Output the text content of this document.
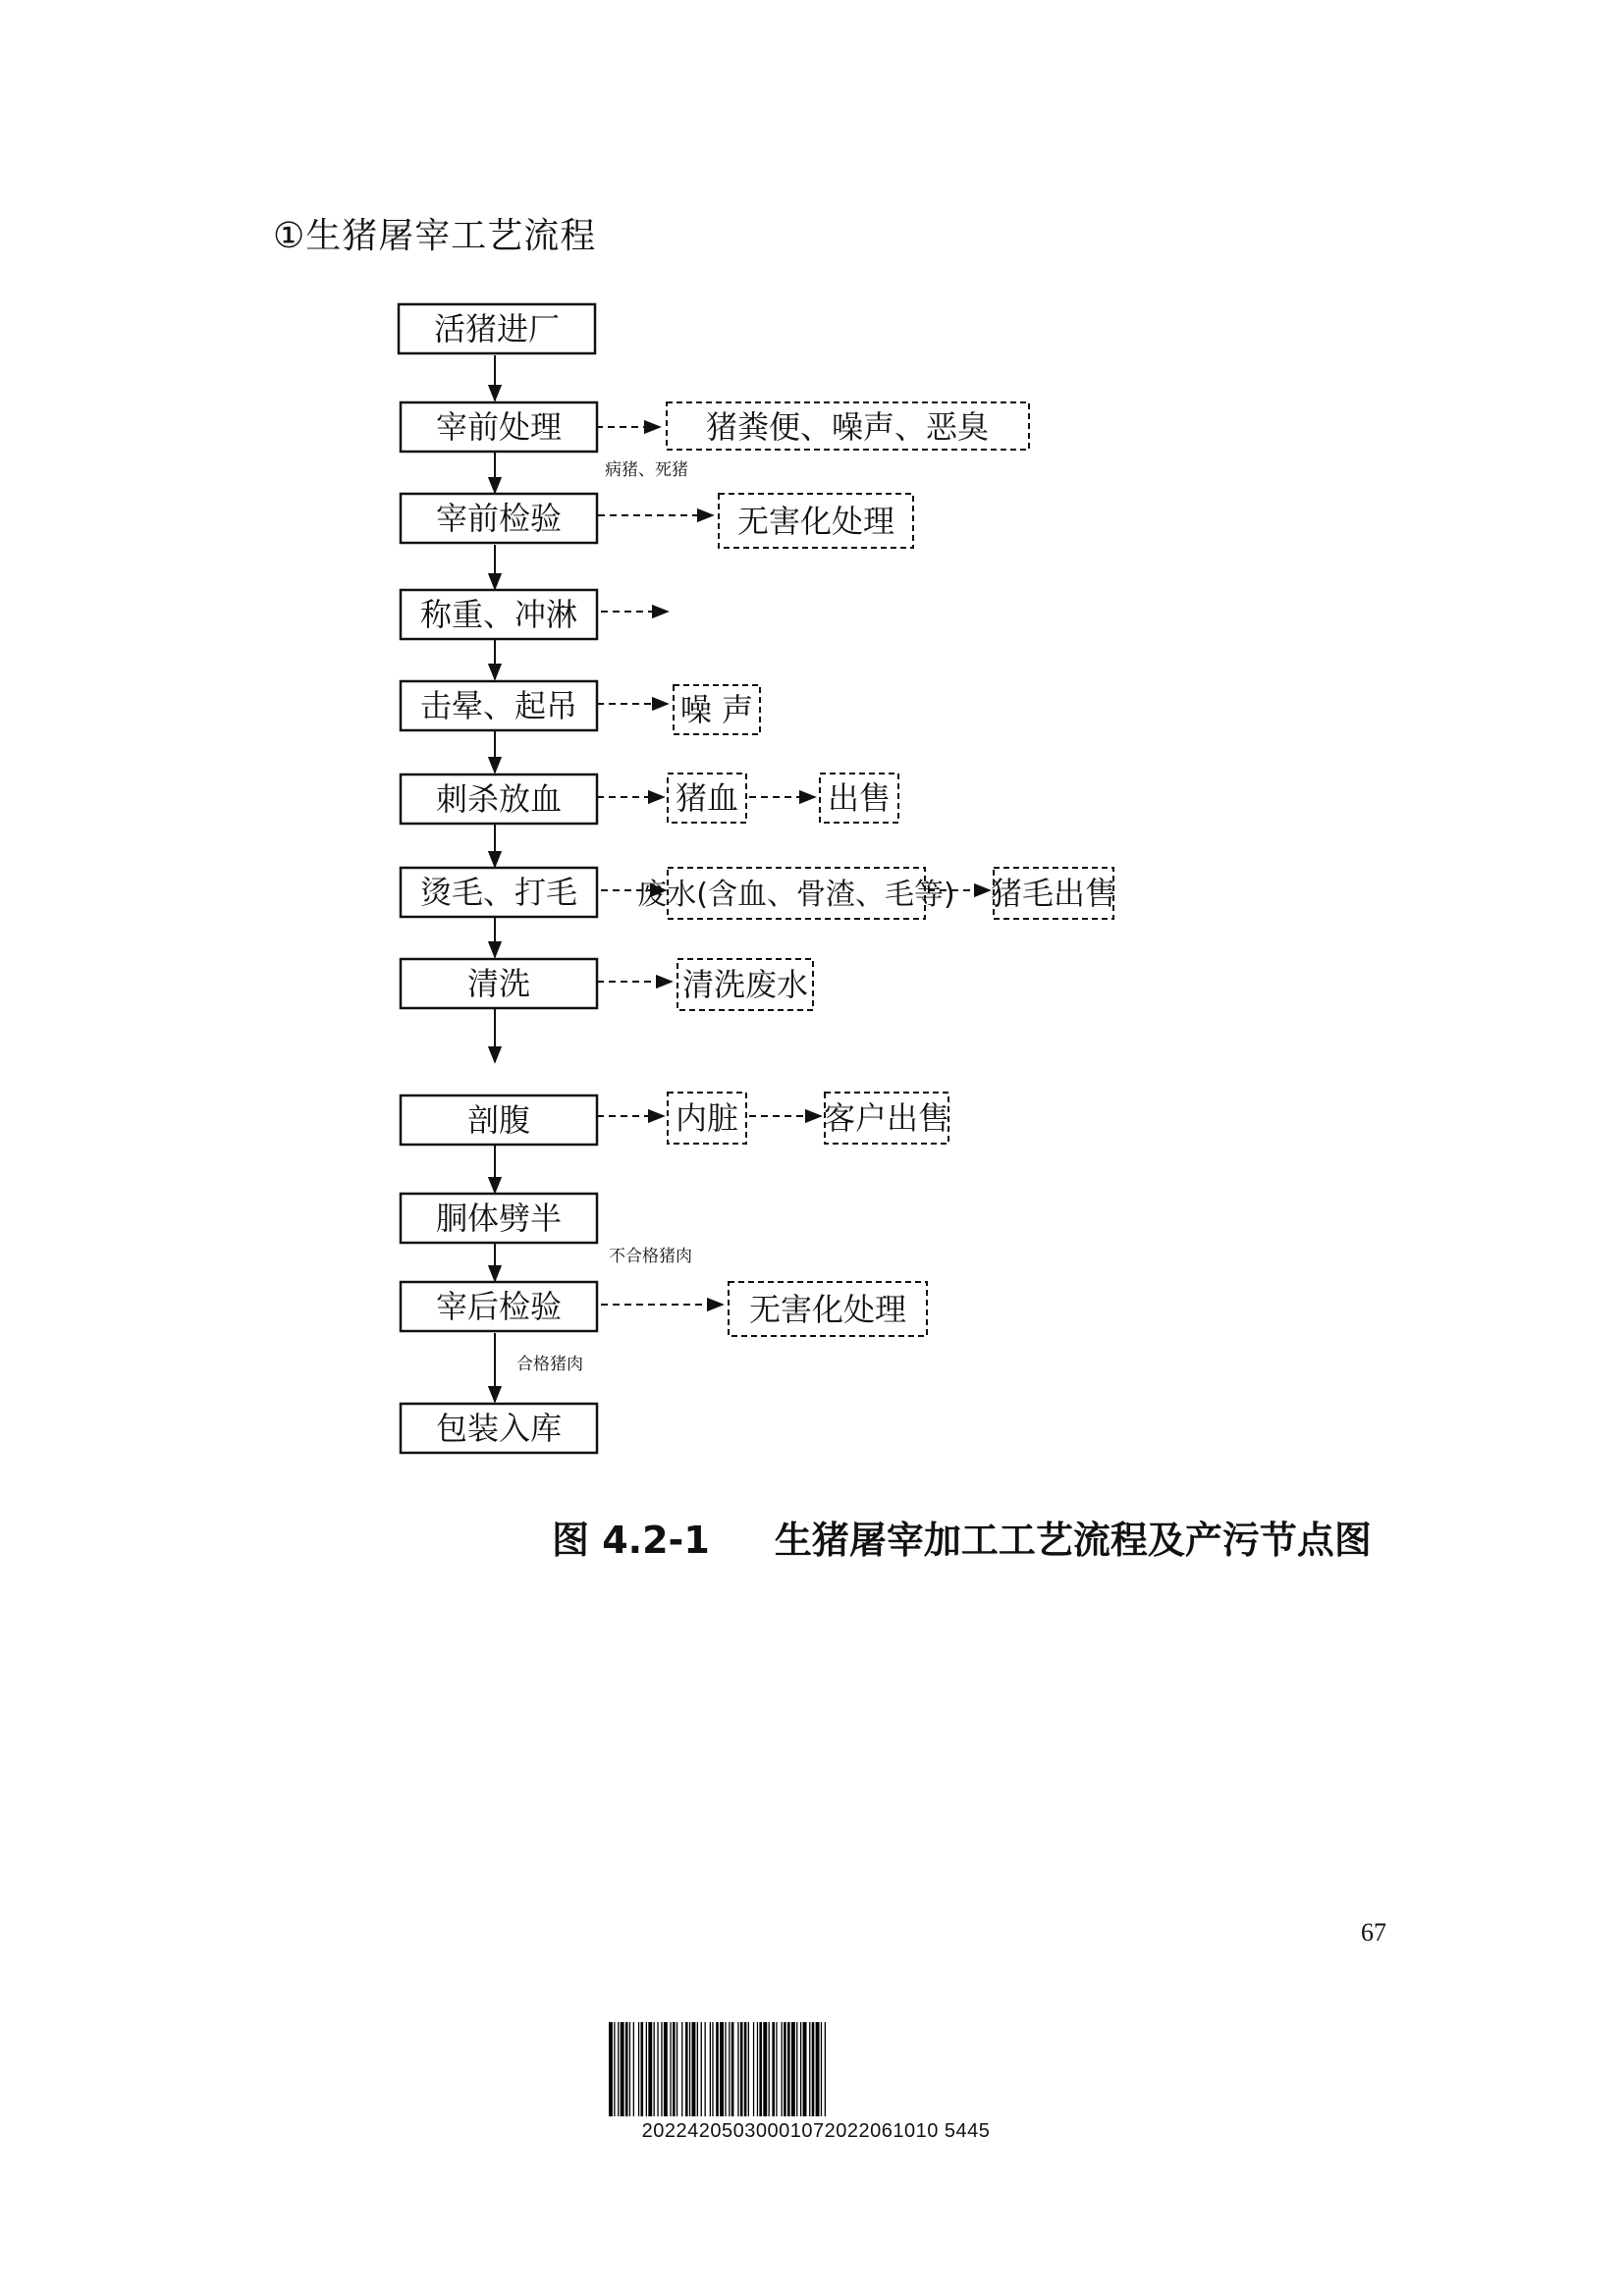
①生猪屠宰工艺流程
猪粪便、噪声、恶臭
无害化处理
噪 声
猪血	出售
废水(含血、骨渣、毛等) 猪毛出售
清洗废水
内脏	客户出售
无害化处理
病猪、死猪
不合格猪肉
合格猪肉
活猪进厂
宰前处理
宰前检验
称重、冲淋
击晕、起吊
刺杀放血
烫毛、打毛
清洗
剖腹
胴体劈半
宰后检验
包装入库
图 4.2-1     生猪屠宰加工工艺流程及产污节点图
67
20224205030001072022061010 5445
